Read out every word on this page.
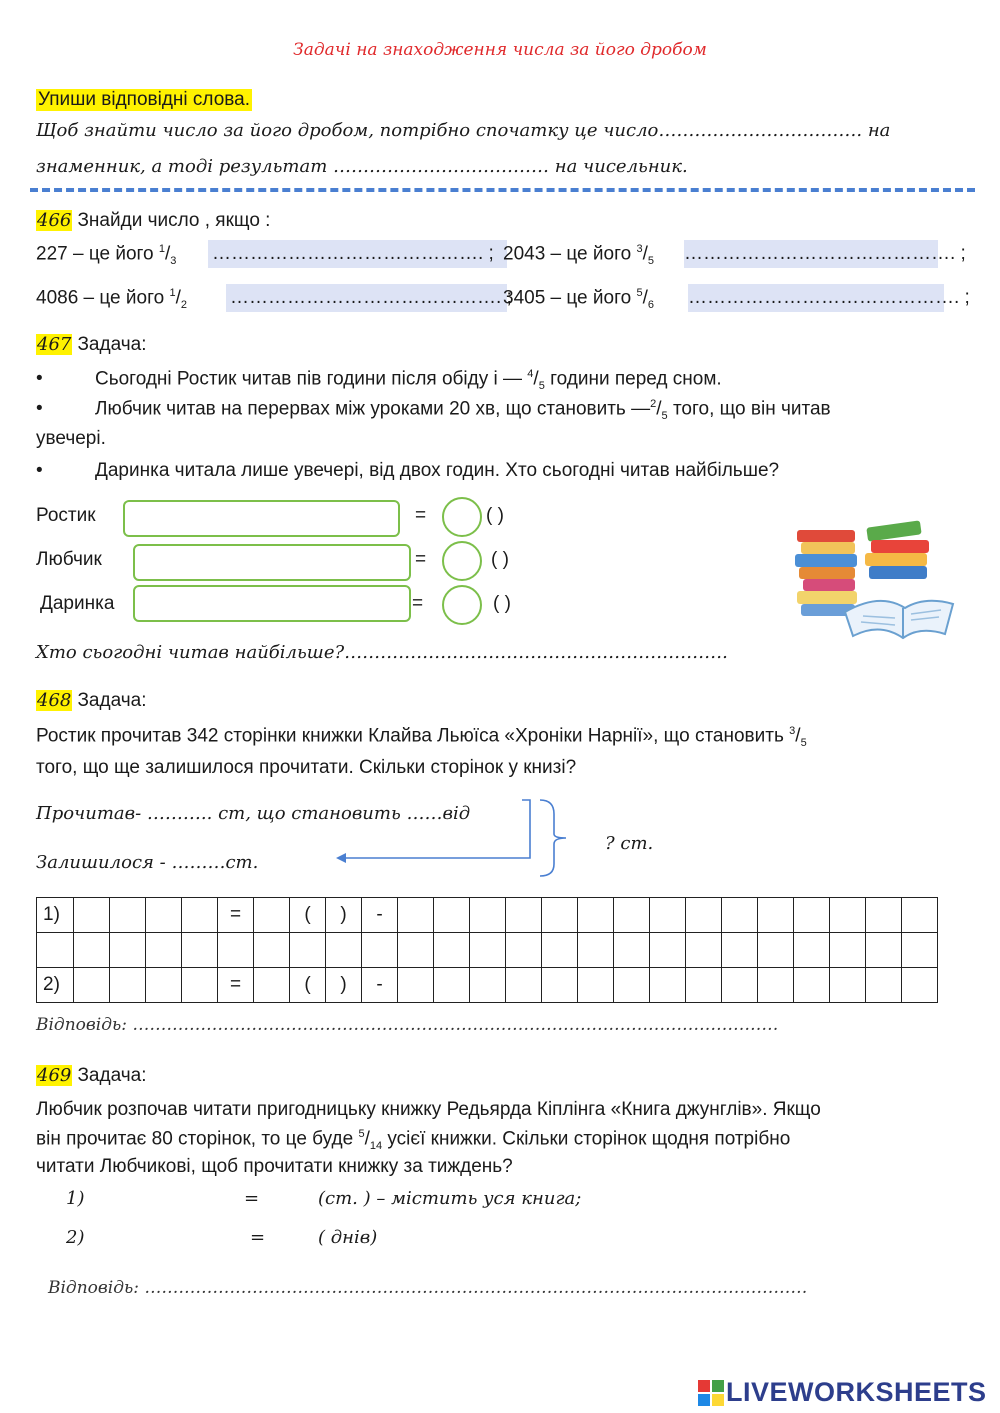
Задачі на знаходження числа за його дробом
Упиши відповідні слова.
Щоб знайти число за його дробом, потрібно спочатку це число……………………………. на
знаменник, а тоді результат ……………………………… на чисельник.
466 Знайди число , якщо :
227 – це його $^1/_3$ ……………………………………. ; 2043 – це його $^3/_5$ ……………………………………. ;
4086 – це його $^1/_2$ ……………………………………. ;
3405 – це його $^5/_6$ ……………………………………. ;
467 Задача:
•	Сьогодні Ростик читав пів години після обіду і — $^4/_5$ години перед сном.
•	Любчик читав на перервах між уроками 20 хв, що становить $—^2/_5$ того, що він читав
увечері.
•	Даринка читала лише увечері, від двох годин. Хто сьогодні читав найбільше?
Ростик	=	( )
Любчик	=	( )
Даринка	=	( )
Хто сьогодні читав найбільше?……………………………………………………….
468 Задача:
Ростик прочитав 342 сторінки книжки Клайва Льюїса «Хроніки Нарнії», що становить $^3/_5$
того, що ще залишилося прочитати. Скільки сторінок у книзі?
Прочитав- ……….. ст, що становить ……від
Залишилося - ………ст.
? ст.
1)					=		(	)	-															

2)					=		(	)	-															
Відповідь: ……………………………………………………………………………………………………
469 Задача:
Любчик розпочав читати пригодницьку книжку Редьярда Кіплінга «Книга джунглів». Якщо
він прочитає 80 сторінок, то це буде $^5/_{14}$ усієї книжки. Скільки сторінок щодня потрібно
читати Любчикові, щоб прочитати книжку за тиждень?
1)	=	(ст. ) – містить уся книга;
2)	=	( днів)
Відповідь: ………………………………………………………………………………………………………
LIVEWORKSHEETS
